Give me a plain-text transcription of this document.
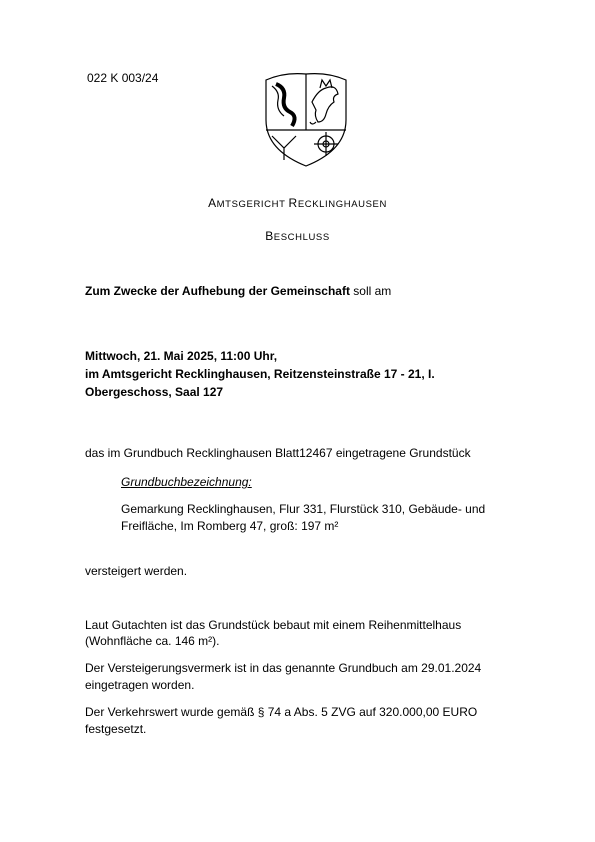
022 K 003/24
AMTSGERICHT RECKLINGHAUSEN
BESCHLUSS
Zum Zwecke der Aufhebung der Gemeinschaft soll am
Mittwoch, 21. Mai 2025, 11:00 Uhr,
im Amtsgericht Recklinghausen, Reitzensteinstraße 17 - 21, I.
Obergeschoss, Saal 127
das im Grundbuch Recklinghausen Blatt12467 eingetragene Grundstück
Grundbuchbezeichnung:
Gemarkung Recklinghausen, Flur 331, Flurstück 310, Gebäude- und
Freifläche, Im Romberg 47, groß: 197 m²
versteigert werden.
Laut Gutachten ist das Grundstück bebaut mit einem Reihenmittelhaus
(Wohnfläche ca. 146 m²).
Der Versteigerungsvermerk ist in das genannte Grundbuch am 29.01.2024
eingetragen worden.
Der Verkehrswert wurde gemäß § 74 a Abs. 5 ZVG auf 320.000,00 EURO
festgesetzt.
